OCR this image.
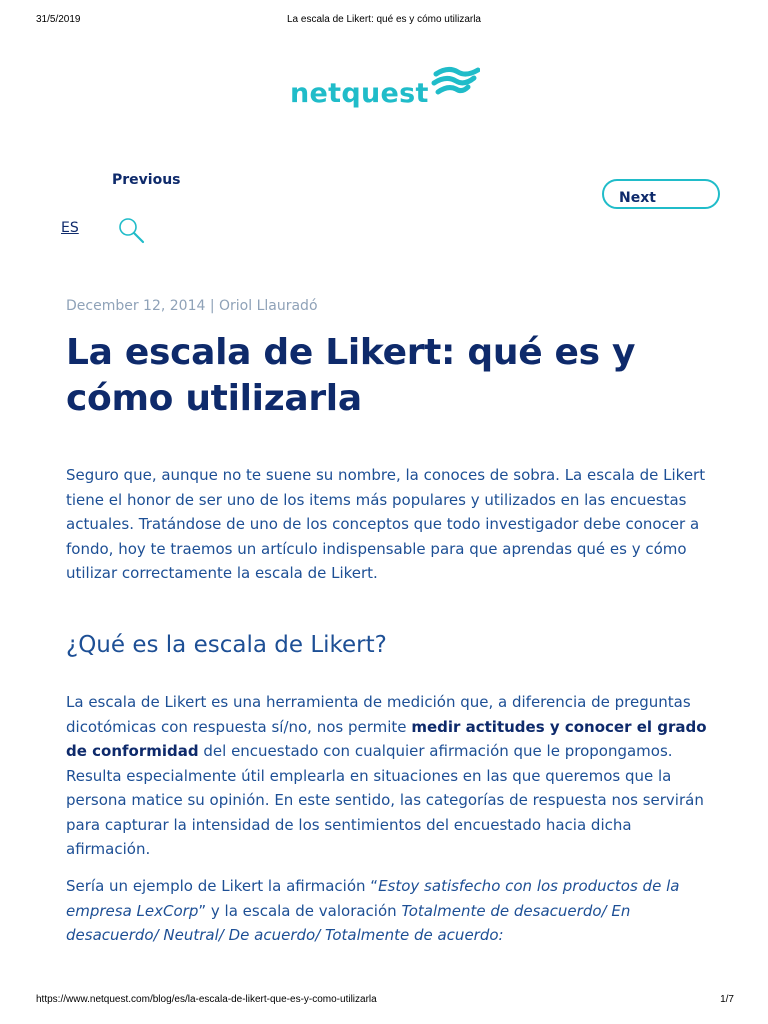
31/5/2019	La escala de Likert: qué es y cómo utilizarla
netquest
Previous
Next
ES
December 12, 2014 | Oriol Llauradó
La escala de Likert: qué es y cómo utilizarla

Seguro que, aunque no te suene su nombre, la conoces de sobra. La escala de Likert tiene el honor de ser uno de los items más populares y utilizados en las encuestas actuales. Tratándose de uno de los conceptos que todo investigador debe conocer a fondo, hoy te traemos un artículo indispensable para que aprendas qué es y cómo utilizar correctamente la escala de Likert.

¿Qué es la escala de Likert?

La escala de Likert es una herramienta de medición que, a diferencia de preguntas dicotómicas con respuesta sí/no, nos permite medir actitudes y conocer el grado de conformidad del encuestado con cualquier afirmación que le propongamos. Resulta especialmente útil emplearla en situaciones en las que queremos que la persona matice su opinión. En este sentido, las categorías de respuesta nos servirán para capturar la intensidad de los sentimientos del encuestado hacia dicha afirmación.

Sería un ejemplo de Likert la afirmación “Estoy satisfecho con los productos de la empresa LexCorp” y la escala de valoración Totalmente de desacuerdo/ En desacuerdo/ Neutral/ De acuerdo/ Totalmente de acuerdo:

https://www.netquest.com/blog/es/la-escala-de-likert-que-es-y-como-utilizarla	1/7
